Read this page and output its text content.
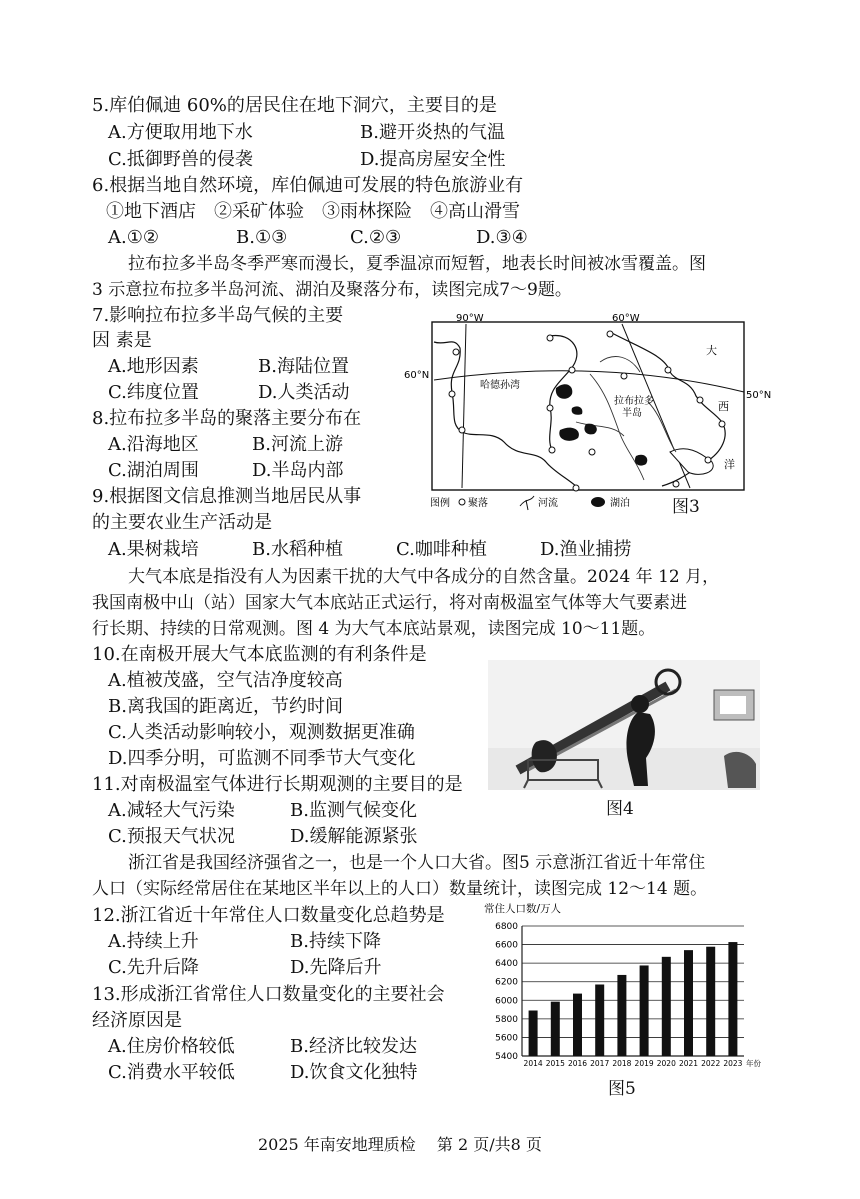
5.库伯佩迪 60%的居民住在地下洞穴，主要目的是
A.方便取用地下水	B.避开炎热的气温
C.抵御野兽的侵袭	D.提高房屋安全性
6.根据当地自然环境，库伯佩迪可发展的特色旅游业有
①地下酒店　②采矿体验　③雨林探险　④高山滑雪
A.①②	B.①③	C.②③	D.③④
拉布拉多半岛冬季严寒而漫长，夏季温凉而短暂，地表长时间被冰雪覆盖。图
3 示意拉布拉多半岛河流、湖泊及聚落分布，读图完成7～9题。
7.影响拉布拉多半岛气候的主要
因 素是
A.地形因素	B.海陆位置
C.纬度位置	D.人类活动
8.拉布拉多半岛的聚落主要分布在
A.沿海地区	B.河流上游
C.湖泊周围	D.半岛内部
9.根据图文信息推测当地居民从事
的主要农业生产活动是
A.果树栽培	B.水稻种植	C.咖啡种植	D.渔业捕捞
90°W	60°W
60°N
50°N
哈德孙湾
拉布拉多
半岛
大
西
洋
图例 聚落	河流	湖泊 图3
大气本底是指没有人为因素干扰的大气中各成分的自然含量。2024 年 12 月，
我国南极中山（站）国家大气本底站正式运行，将对南极温室气体等大气要素进
行长期、持续的日常观测。图 4 为大气本底站景观，读图完成 10～11题。
10.在南极开展大气本底监测的有利条件是
A.植被茂盛，空气洁净度较高
B.离我国的距离近，节约时间
C.人类活动影响较小，观测数据更准确
D.四季分明，可监测不同季节大气变化
图4
11.对南极温室气体进行长期观测的主要目的是
A.减轻大气污染	B.监测气候变化
C.预报天气状况	D.缓解能源紧张
浙江省是我国经济强省之一，也是一个人口大省。图5 示意浙江省近十年常住
人口（实际经常居住在某地区半年以上的人口）数量统计，读图完成 12～14 题。
12.浙江省近十年常住人口数量变化总趋势是
A.持续上升	B.持续下降
C.先升后降	D.先降后升
13.形成浙江省常住人口数量变化的主要社会
经济原因是
A.住房价格较低	B.经济比较发达
C.消费水平较低	D.饮食文化独特
常住人口数/万人
5400
5600
5800
6000
6200
6400
6600
6800
2014 2015 2016 2017 2018 2019 2020 2021 2022 2023 年份
图5
2025 年南安地理质检　 第 2 页/共8 页
